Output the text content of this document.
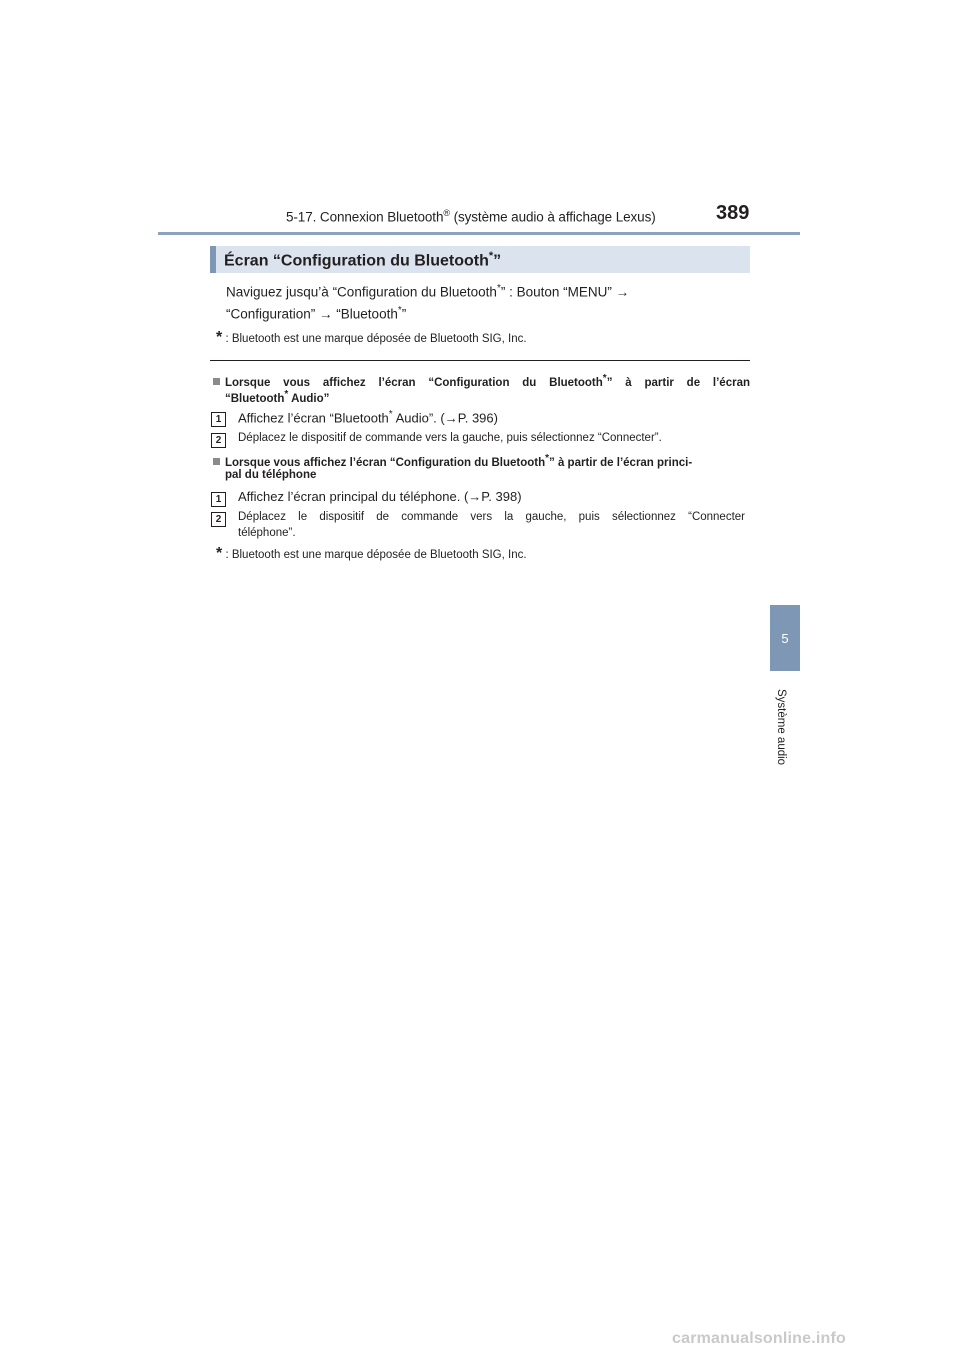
5-17. Connexion Bluetooth® (système audio à affichage Lexus)	389
5
Système audio
Écran “Configuration du Bluetooth*”
Naviguez jusqu’à “Configuration du Bluetooth*” : Bouton “MENU” →
“Configuration” → “Bluetooth*”
* : Bluetooth est une marque déposée de Bluetooth SIG, Inc.
Lorsque vous affichez l’écran “Configuration du Bluetooth*” à partir de l’écran
“Bluetooth* Audio”
1	Affichez l’écran “Bluetooth* Audio”. (→P. 396)
2	Déplacez le dispositif de commande vers la gauche, puis sélectionnez “Connecter”.
Lorsque vous affichez l’écran “Configuration du Bluetooth*” à partir de l’écran princi-
pal du téléphone
1	Affichez l’écran principal du téléphone. (→P. 398)
2	Déplacez le dispositif de commande vers la gauche, puis sélectionnez “Connecter
téléphone”.
* : Bluetooth est une marque déposée de Bluetooth SIG, Inc.
carmanualsonline.info
